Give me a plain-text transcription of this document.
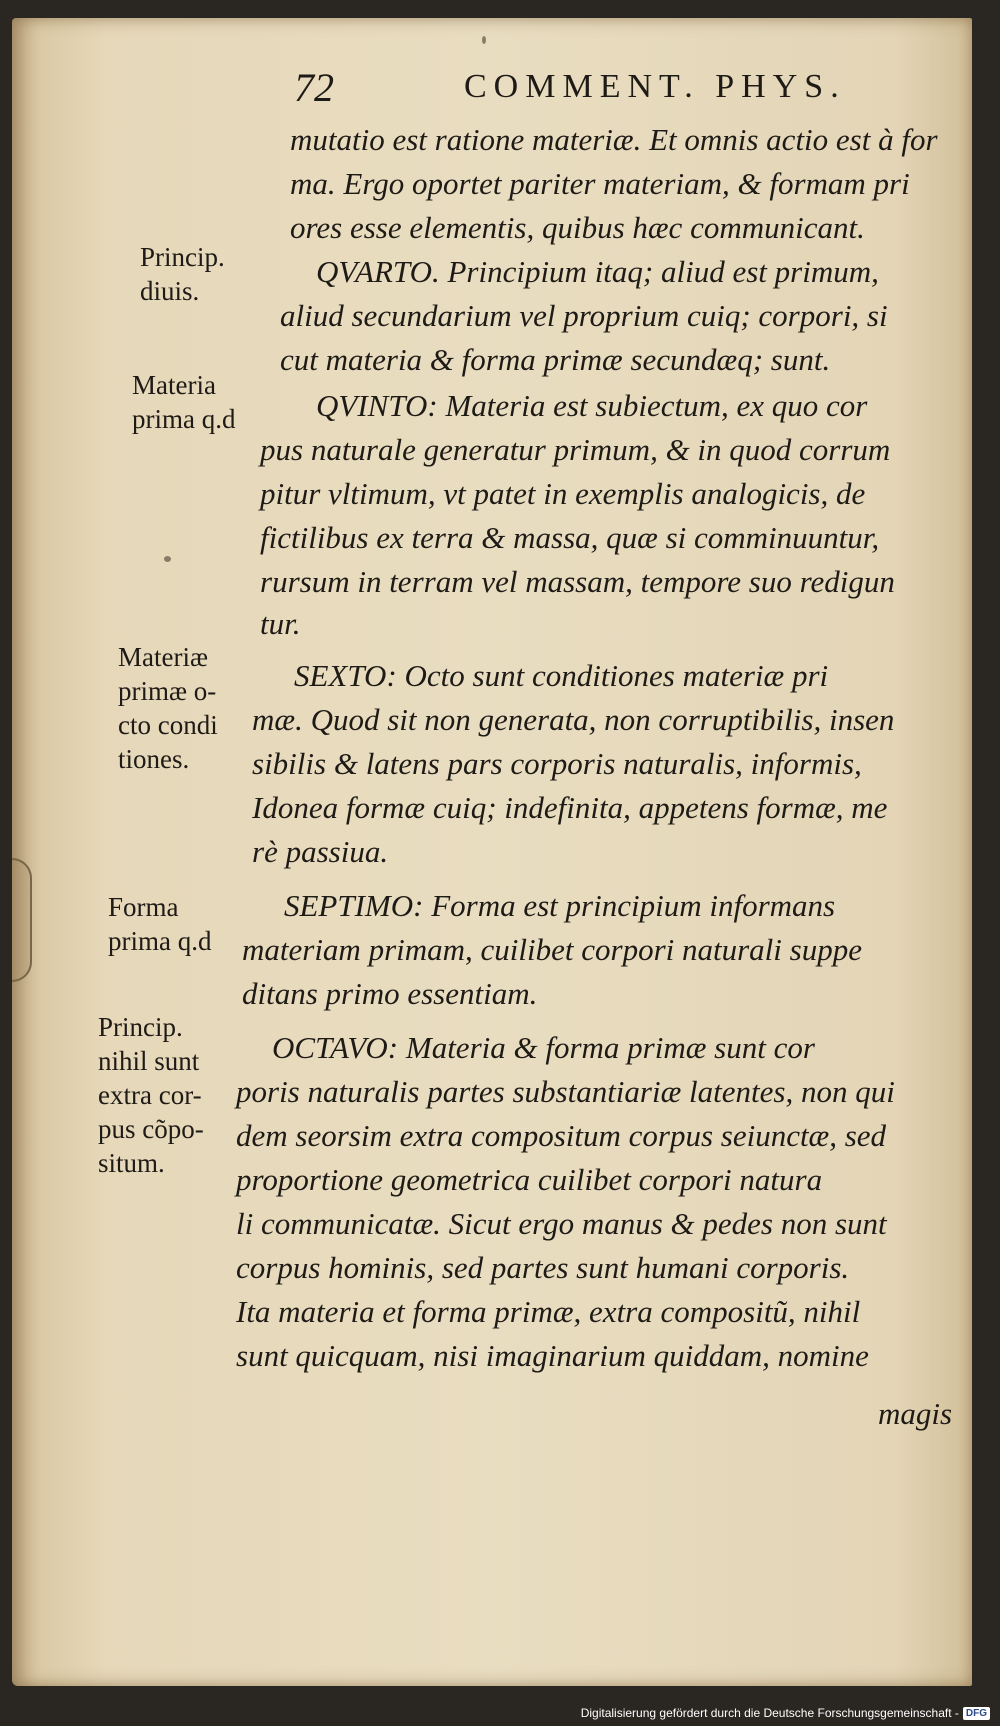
72	COMMENT. PHYS.
mutatio est ratione materiæ. Et omnis actio est à for
ma. Ergo oportet pariter materiam, & formam pri
ores esse elementis, quibus hæc communicant.
QVARTO. Principium itaq; aliud est primum,
aliud secundarium vel proprium cuiq; corpori, si
cut materia & forma primæ secundæq; sunt.
QVINTO: Materia est subiectum, ex quo cor
pus naturale generatur primum, & in quod corrum
pitur vltimum, vt patet in exemplis analogicis, de
fictilibus ex terra & massa, quæ si comminuuntur,
rursum in terram vel massam, tempore suo redigun
tur.
SEXTO: Octo sunt conditiones materiæ pri
mæ. Quod sit non generata, non corruptibilis, insen
sibilis & latens pars corporis naturalis, informis,
Idonea formæ cuiq; indefinita, appetens formæ, me
rè passiua.
SEPTIMO: Forma est principium informans
materiam primam, cuilibet corpori naturali suppe
ditans primo essentiam.
OCTAVO: Materia & forma primæ sunt cor
poris naturalis partes substantiariæ latentes, non qui
dem seorsim extra compositum corpus seiunctæ, sed
proportione geometrica cuilibet corpori natura
li communicatæ. Sicut ergo manus & pedes non sunt
corpus hominis, sed partes sunt humani corporis.
Ita materia et forma primæ, extra compositũ, nihil
sunt quicquam, nisi imaginarium quiddam, nomine
magis
Princip.
diuis.
Materia
prima q.d
Materiæ
primæ o-
cto condi
tiones.
Forma
prima q.d
Princip.
nihil sunt
extra cor-
pus cõpo-
situm.
Digitalisierung gefördert durch die Deutsche Forschungsgemeinschaft - DFG
